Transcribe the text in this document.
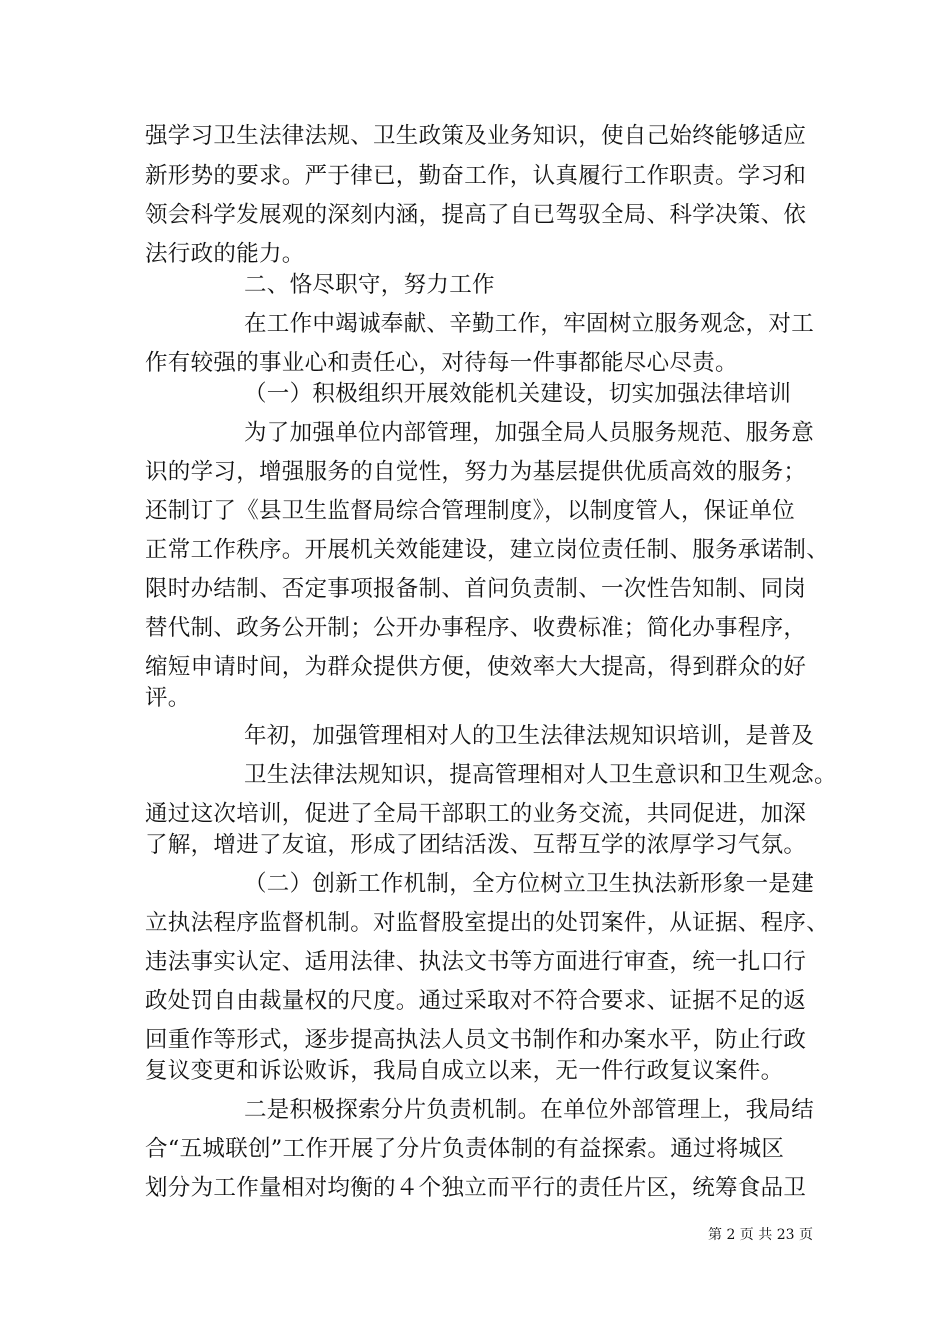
强学习卫生法律法规、卫生政策及业务知识，使自己始终能够适应
新形势的要求。严于律已，勤奋工作，认真履行工作职责。学习和
领会科学发展观的深刻内涵，提高了自已驾驭全局、科学决策、依
法行政的能力。
二、恪尽职守，努力工作
在工作中竭诚奉献、辛勤工作，牢固树立服务观念，对工
作有较强的事业心和责任心，对待每一件事都能尽心尽责。
（一）积极组织开展效能机关建设，切实加强法律培训
为了加强单位内部管理，加强全局人员服务规范、服务意
识的学习，增强服务的自觉性，努力为基层提供优质高效的服务；
还制订了《县卫生监督局综合管理制度》，以制度管人，保证单位
正常工作秩序。开展机关效能建设，建立岗位责任制、服务承诺制、
限时办结制、否定事项报备制、首问负责制、一次性告知制、同岗
替代制、政务公开制；公开办事程序、收费标准；简化办事程序，
缩短申请时间，为群众提供方便，使效率大大提高，得到群众的好
评。
年初，加强管理相对人的卫生法律法规知识培训，是普及
卫生法律法规知识，提高管理相对人卫生意识和卫生观念。
通过这次培训，促进了全局干部职工的业务交流，共同促进，加深
了解，增进了友谊，形成了团结活泼、互帮互学的浓厚学习气氛。
（二）创新工作机制，全方位树立卫生执法新形象一是建
立执法程序监督机制。对监督股室提出的处罚案件，从证据、程序、
违法事实认定、适用法律、执法文书等方面进行审查，统一扎口行
政处罚自由裁量权的尺度。通过采取对不符合要求、证据不足的返
回重作等形式，逐步提高执法人员文书制作和办案水平，防止行政
复议变更和诉讼败诉，我局自成立以来，无一件行政复议案件。
二是积极探索分片负责机制。在单位外部管理上，我局结
合“五城联创”工作开展了分片负责体制的有益探索。通过将城区
划分为工作量相对均衡的４个独立而平行的责任片区，统筹食品卫
第 2 页 共 23 页
